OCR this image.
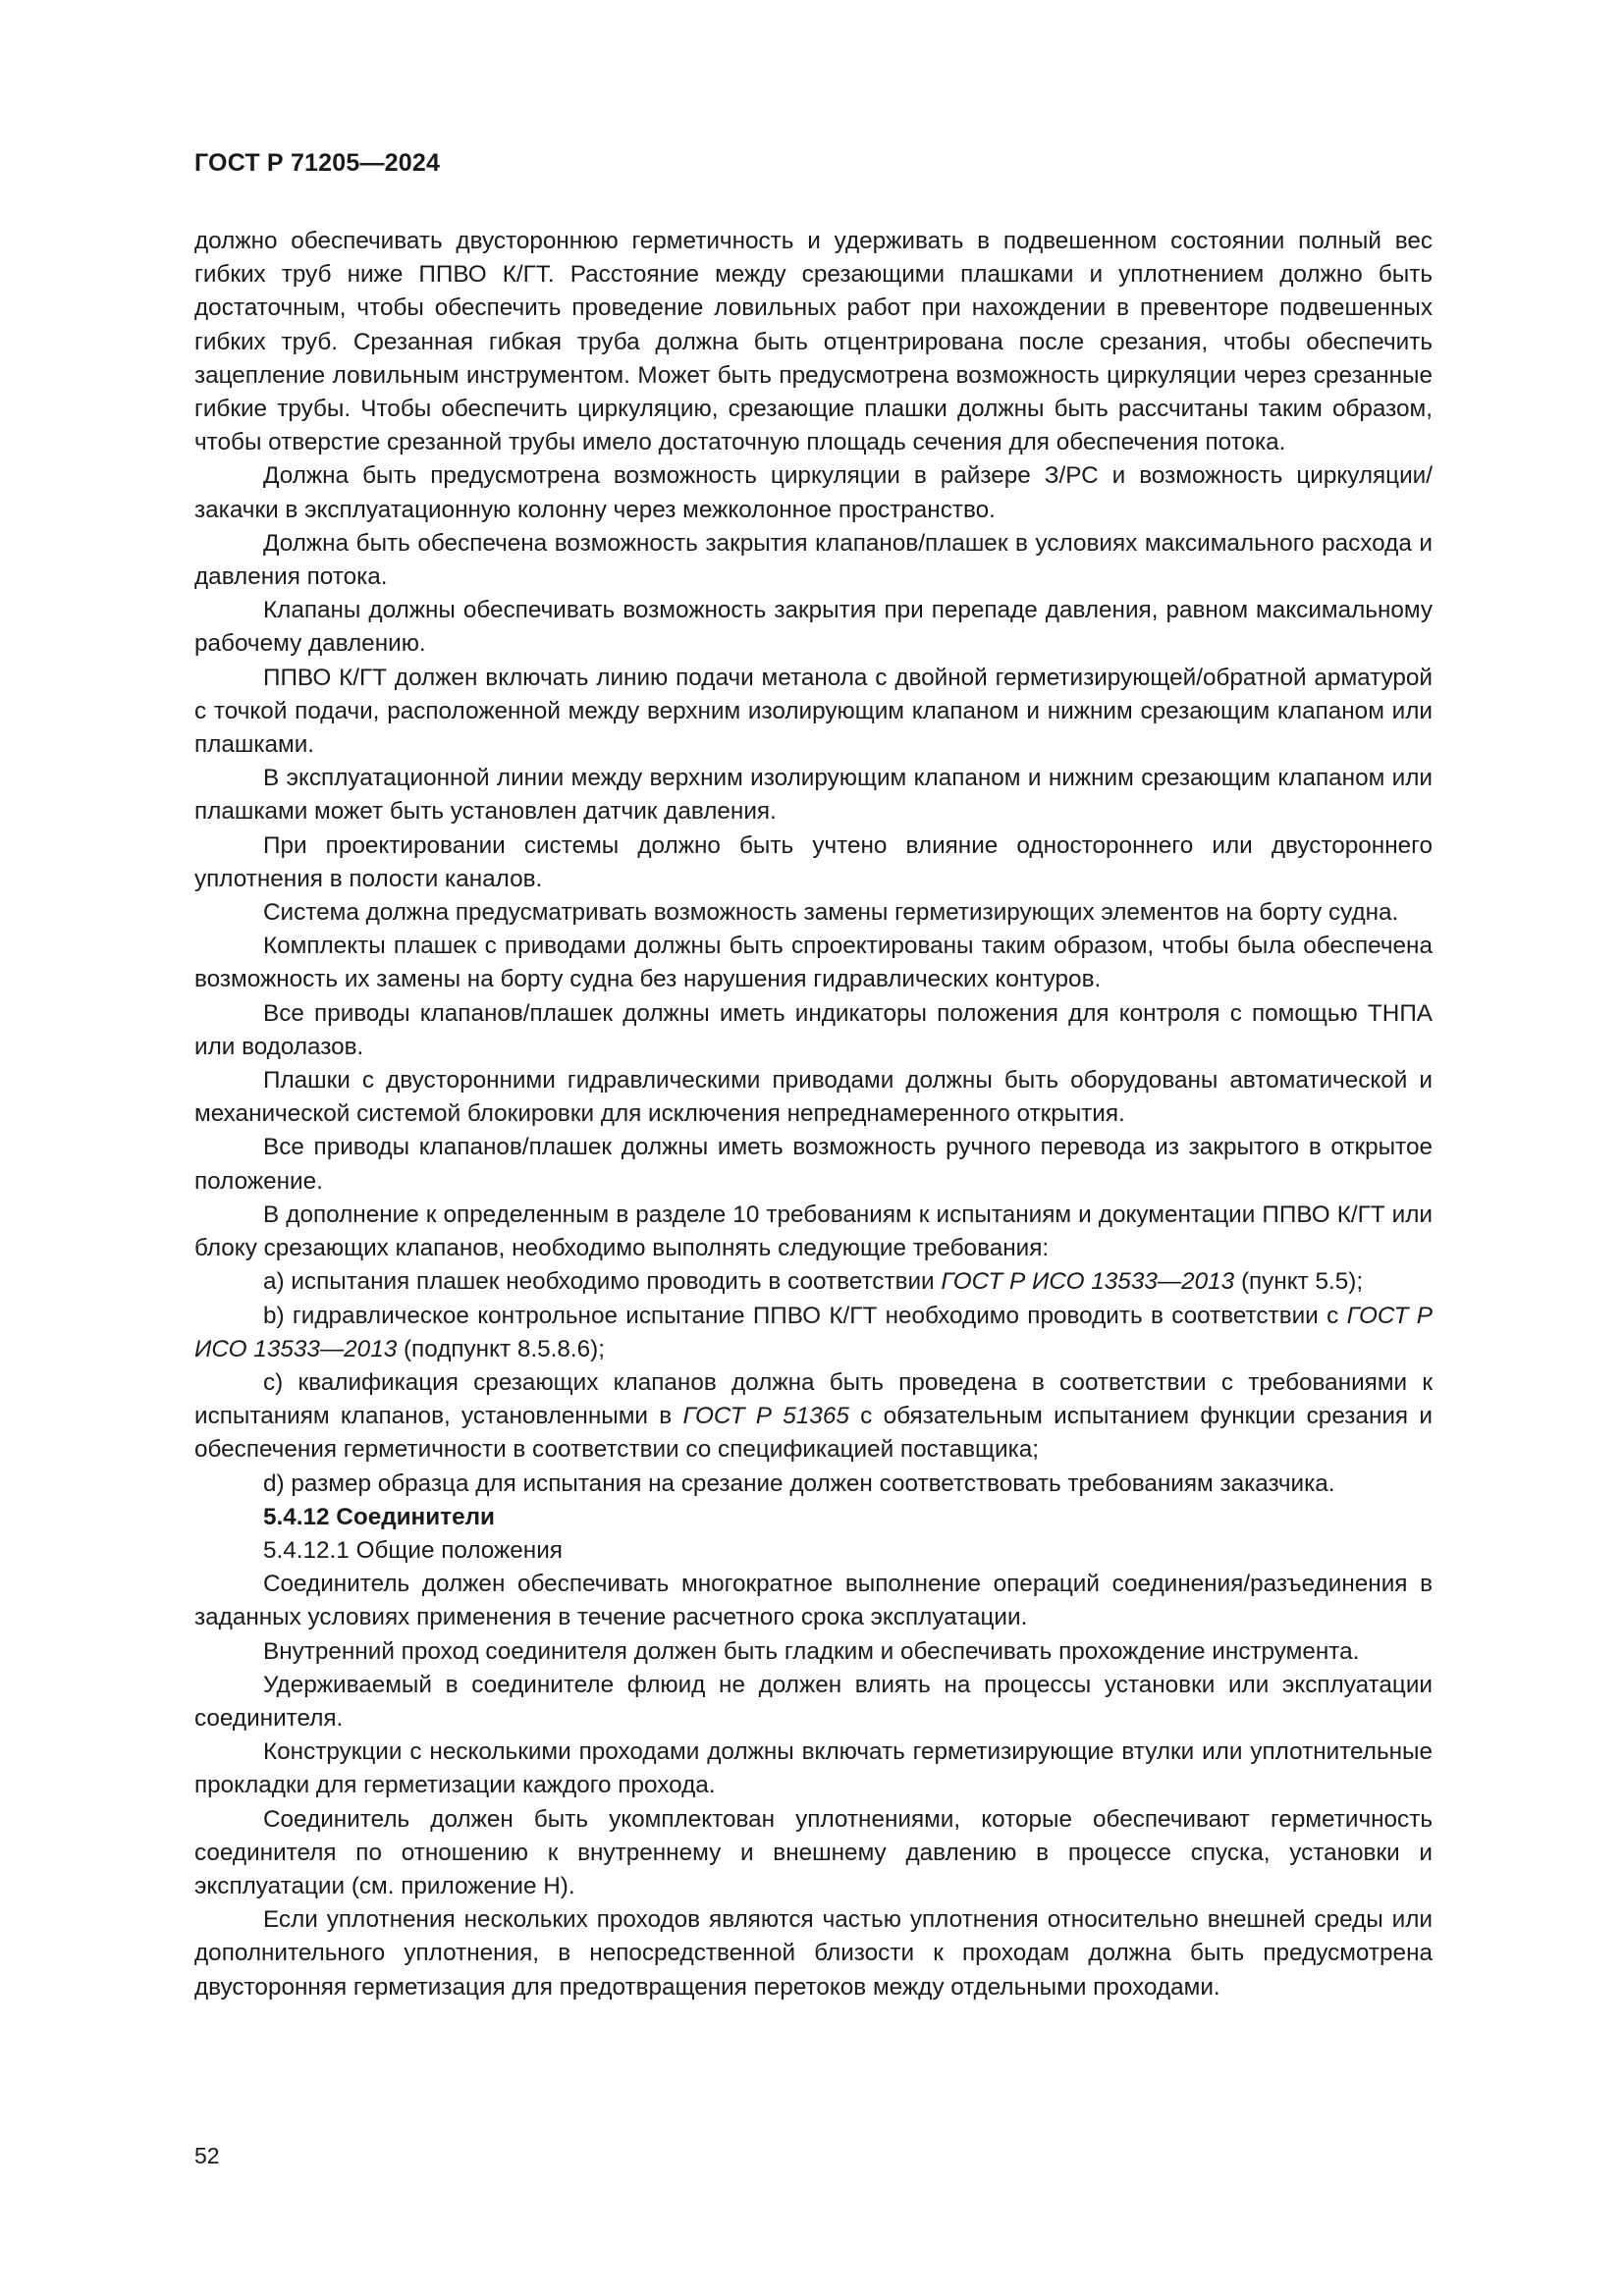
ГОСТ Р 71205—2024

должно обеспечивать двустороннюю герметичность и удерживать в подвешенном состоянии полный вес гибких труб ниже ППВО К/ГТ. Расстояние между срезающими плашками и уплотнением должно быть достаточным, чтобы обеспечить проведение ловильных работ при нахождении в превенторе подвешенных гибких труб. Срезанная гибкая труба должна быть отцентрирована после срезания, чтобы обеспечить зацепление ловильным инструментом. Может быть предусмотрена возможность циркуляции через срезанные гибкие трубы. Чтобы обеспечить циркуляцию, срезающие плашки должны быть рассчитаны таким образом, чтобы отверстие срезанной трубы имело достаточную площадь сечения для обеспечения потока.

Должна быть предусмотрена возможность циркуляции в райзере З/РС и возможность циркуляции/закачки в эксплуатационную колонну через межколонное пространство.

Должна быть обеспечена возможность закрытия клапанов/плашек в условиях максимального расхода и давления потока.

Клапаны должны обеспечивать возможность закрытия при перепаде давления, равном максимальному рабочему давлению.

ППВО К/ГТ должен включать линию подачи метанола с двойной герметизирующей/обратной арматурой с точкой подачи, расположенной между верхним изолирующим клапаном и нижним срезающим клапаном или плашками.

В эксплуатационной линии между верхним изолирующим клапаном и нижним срезающим клапаном или плашками может быть установлен датчик давления.

При проектировании системы должно быть учтено влияние одностороннего или двустороннего уплотнения в полости каналов.

Система должна предусматривать возможность замены герметизирующих элементов на борту судна.

Комплекты плашек с приводами должны быть спроектированы таким образом, чтобы была обеспечена возможность их замены на борту судна без нарушения гидравлических контуров.

Все приводы клапанов/плашек должны иметь индикаторы положения для контроля с помощью ТНПА или водолазов.

Плашки с двусторонними гидравлическими приводами должны быть оборудованы автоматической и механической системой блокировки для исключения непреднамеренного открытия.

Все приводы клапанов/плашек должны иметь возможность ручного перевода из закрытого в открытое положение.

В дополнение к определенным в разделе 10 требованиям к испытаниям и документации ППВО К/ГТ или блоку срезающих клапанов, необходимо выполнять следующие требования:

а) испытания плашек необходимо проводить в соответствии ГОСТ Р ИСО 13533—2013 (пункт 5.5);

b) гидравлическое контрольное испытание ППВО К/ГТ необходимо проводить в соответствии с ГОСТ Р ИСО 13533—2013 (подпункт 8.5.8.6);

c) квалификация срезающих клапанов должна быть проведена в соответствии с требованиями к испытаниям клапанов, установленными в ГОСТ Р 51365 с обязательным испытанием функции срезания и обеспечения герметичности в соответствии со спецификацией поставщика;

d) размер образца для испытания на срезание должен соответствовать требованиям заказчика.

5.4.12 Соединители

5.4.12.1 Общие положения

Соединитель должен обеспечивать многократное выполнение операций соединения/разъединения в заданных условиях применения в течение расчетного срока эксплуатации.

Внутренний проход соединителя должен быть гладким и обеспечивать прохождение инструмента.

Удерживаемый в соединителе флюид не должен влиять на процессы установки или эксплуатации соединителя.

Конструкции с несколькими проходами должны включать герметизирующие втулки или уплотнительные прокладки для герметизации каждого прохода.

Соединитель должен быть укомплектован уплотнениями, которые обеспечивают герметичность соединителя по отношению к внутреннему и внешнему давлению в процессе спуска, установки и эксплуатации (см. приложение Н).

Если уплотнения нескольких проходов являются частью уплотнения относительно внешней среды или дополнительного уплотнения, в непосредственной близости к проходам должна быть предусмотрена двусторонняя герметизация для предотвращения перетоков между отдельными проходами.

52
